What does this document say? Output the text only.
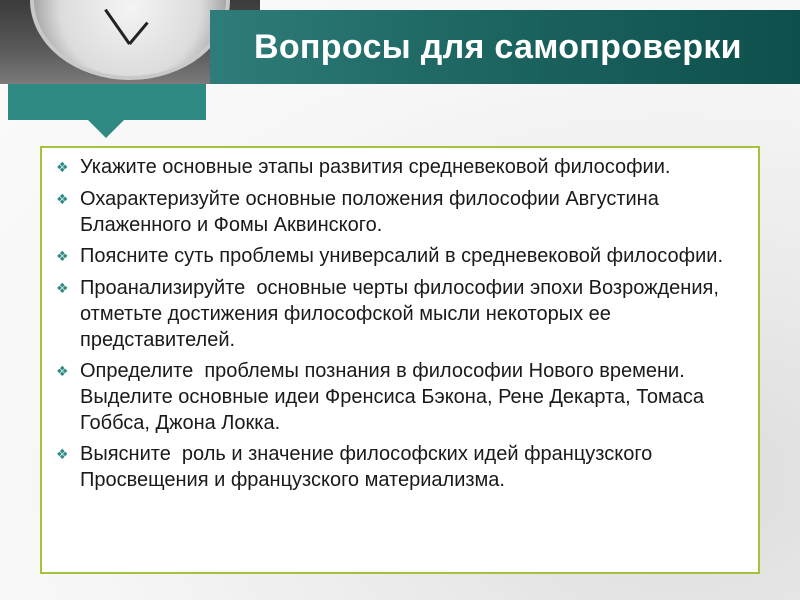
Вопросы для самопроверки
❖ Укажите основные этапы развития средневековой философии.
❖ Охарактеризуйте основные положения философии Августина Блаженного и Фомы Аквинского.
❖ Поясните суть проблемы универсалий в средневековой философии.
❖ Проанализируйте  основные черты философии эпохи Возрождения, отметьте достижения философской мысли некоторых ее представителей.
❖ Определите  проблемы познания в философии Нового времени. Выделите основные идеи Френсиса Бэкона, Рене Декарта, Томаса Гоббса, Джона Локка.
❖ Выясните  роль и значение философских идей французского Просвещения и французского материализма.
